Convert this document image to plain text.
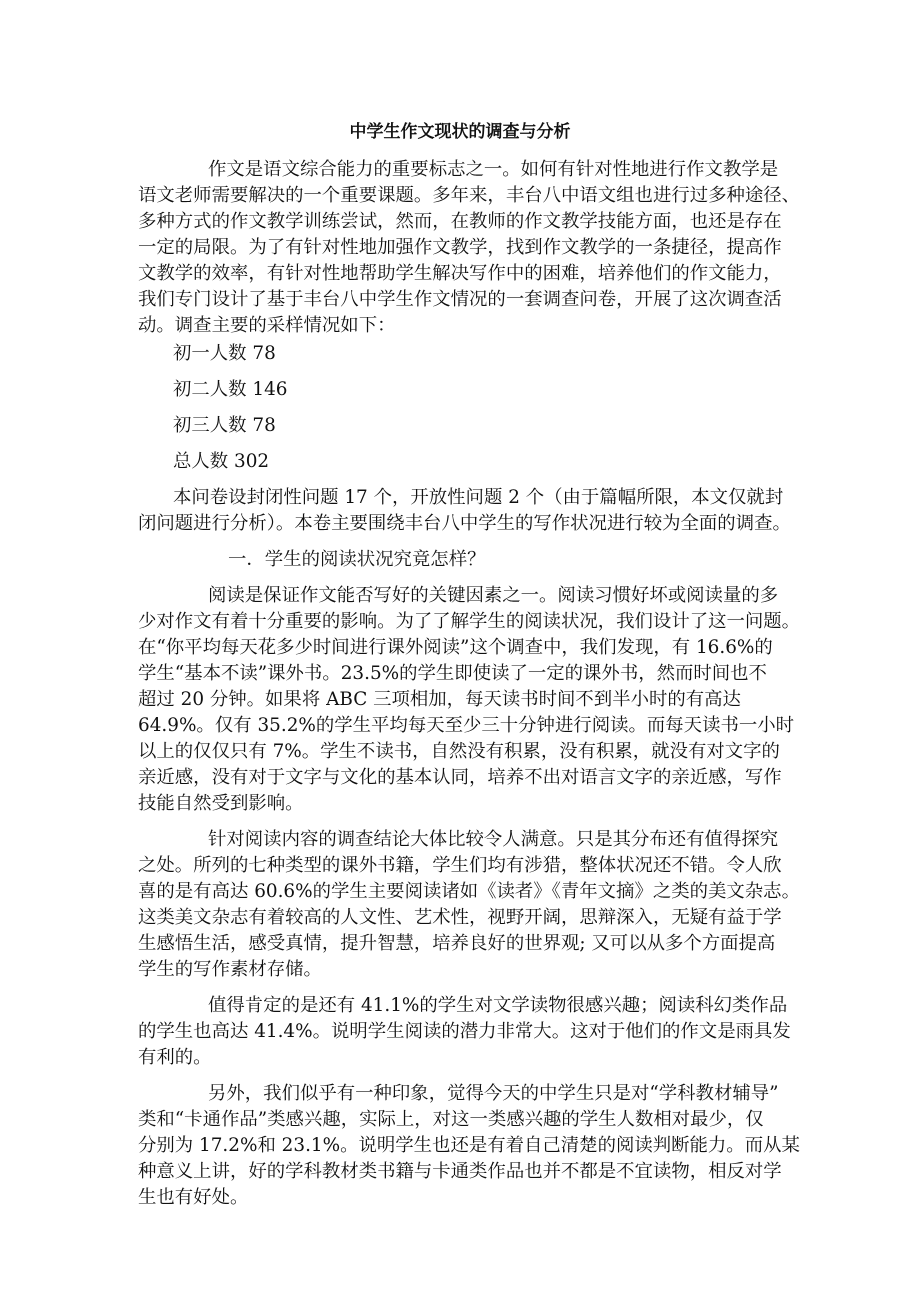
中学生作文现状的调查与分析
作文是语文综合能力的重要标志之一。如何有针对性地进行作文教学是
语文老师需要解决的一个重要课题。多年来，丰台八中语文组也进行过多种途径、
多种方式的作文教学训练尝试，然而，在教师的作文教学技能方面，也还是存在
一定的局限。为了有针对性地加强作文教学，找到作文教学的一条捷径，提高作
文教学的效率，有针对性地帮助学生解决写作中的困难，培养他们的作文能力，
我们专门设计了基于丰台八中学生作文情况的一套调查问卷，开展了这次调查活
动。调查主要的采样情况如下：
初一人数 78
初二人数 146
初三人数 78
总人数 302
本问卷设封闭性问题 17 个，开放性问题 2 个（由于篇幅所限，本文仅就封
闭问题进行分析）。本卷主要围绕丰台八中学生的写作状况进行较为全面的调查。
一．学生的阅读状况究竟怎样？
阅读是保证作文能否写好的关键因素之一。阅读习惯好坏或阅读量的多
少对作文有着十分重要的影响。为了了解学生的阅读状况，我们设计了这一问题。
在“你平均每天花多少时间进行课外阅读”这个调查中，我们发现，有 16.6%的
学生“基本不读”课外书。23.5%的学生即使读了一定的课外书，然而时间也不
超过 20 分钟。如果将 ABC 三项相加，每天读书时间不到半小时的有高达
64.9%。仅有 35.2%的学生平均每天至少三十分钟进行阅读。而每天读书一小时
以上的仅仅只有 7%。学生不读书，自然没有积累，没有积累，就没有对文字的
亲近感，没有对于文字与文化的基本认同，培养不出对语言文字的亲近感，写作
技能自然受到影响。
针对阅读内容的调查结论大体比较令人满意。只是其分布还有值得探究
之处。所列的七种类型的课外书籍，学生们均有涉猎，整体状况还不错。令人欣
喜的是有高达 60.6%的学生主要阅读诸如《读者》《青年文摘》之类的美文杂志。
这类美文杂志有着较高的人文性、艺术性，视野开阔，思辩深入，无疑有益于学
生感悟生活，感受真情，提升智慧，培养良好的世界观; 又可以从多个方面提高
学生的写作素材存储。
值得肯定的是还有 41.1%的学生对文学读物很感兴趣；阅读科幻类作品
的学生也高达 41.4%。说明学生阅读的潜力非常大。这对于他们的作文是雨具发
有利的。
另外，我们似乎有一种印象，觉得今天的中学生只是对“学科教材辅导”
类和“卡通作品”类感兴趣，实际上，对这一类感兴趣的学生人数相对最少，仅
分别为 17.2%和 23.1%。说明学生也还是有着自己清楚的阅读判断能力。而从某
种意义上讲，好的学科教材类书籍与卡通类作品也并不都是不宜读物，相反对学
生也有好处。
